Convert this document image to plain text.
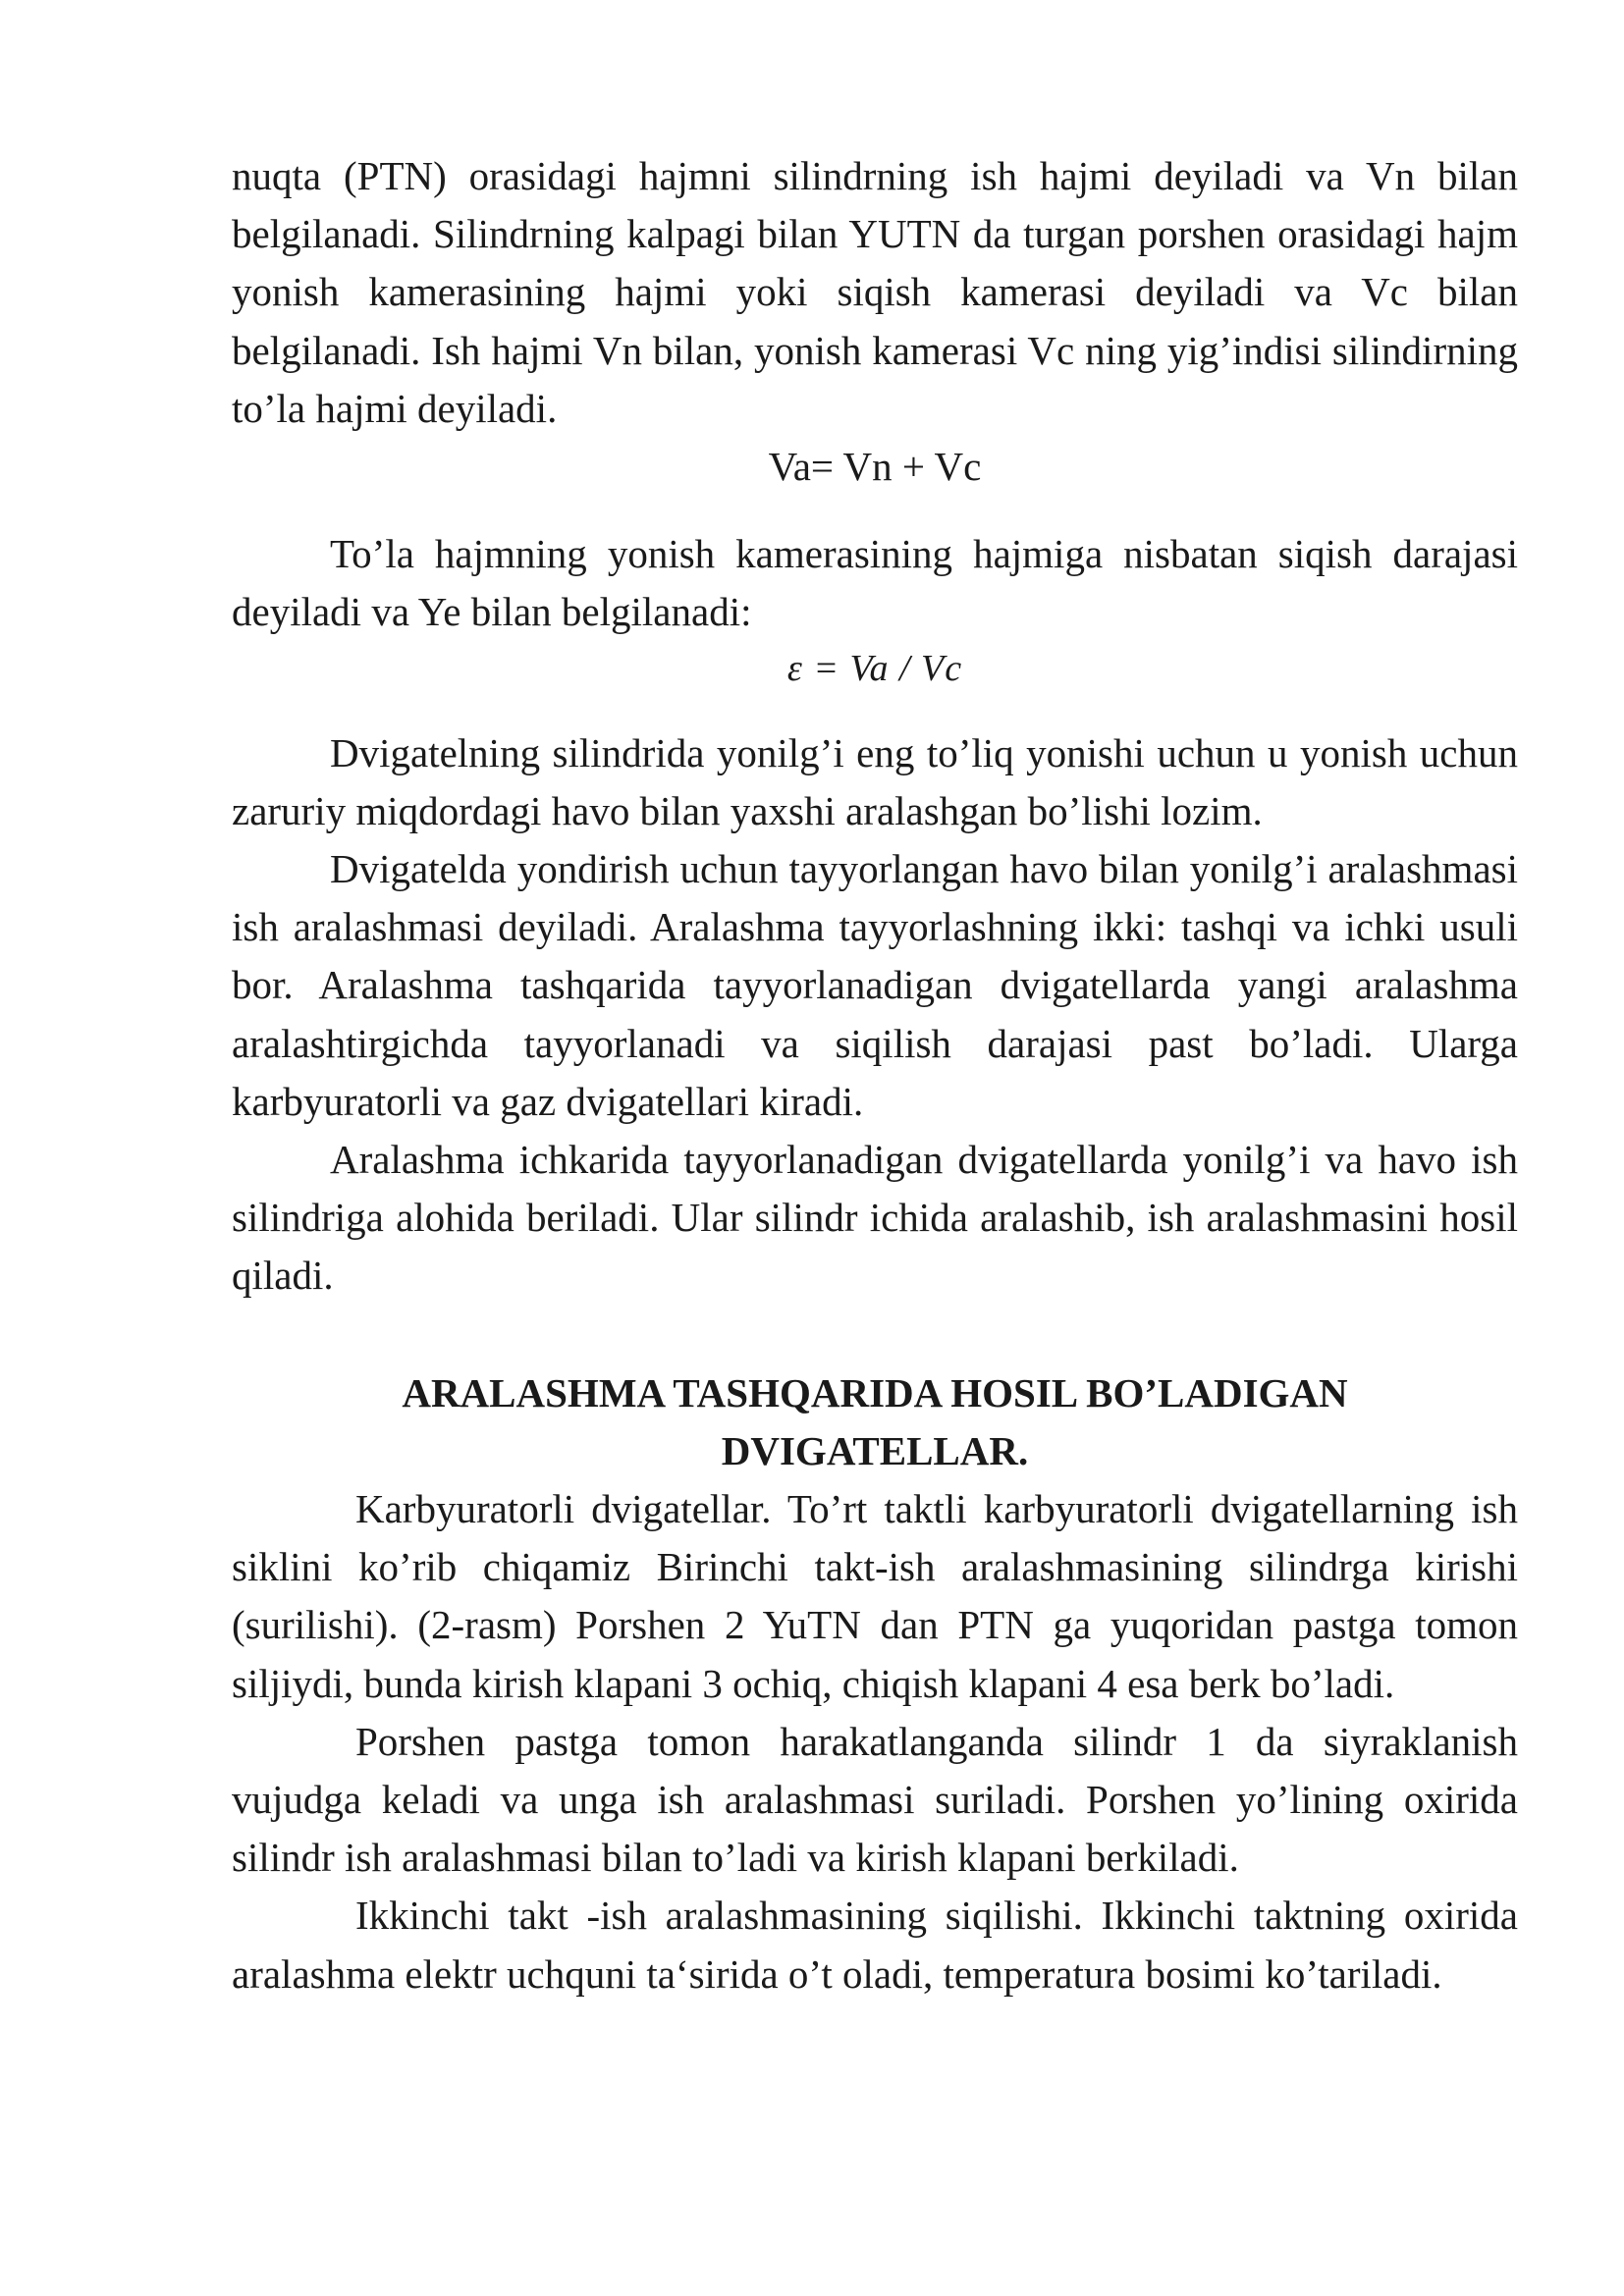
nuqta (PTN) orasidagi hajmni silindrning ish hajmi deyiladi va Vn bilan belgilanadi. Silindrning kalpagi bilan YUTN da turgan porshen orasidagi hajm yonish kamerasining hajmi yoki siqish kamerasi deyiladi va Vc bilan belgilanadi. Ish hajmi Vn bilan, yonish kamerasi Vc ning yig’indisi silindirning to’la hajmi deyiladi.

Va= Vn + Vc

To’la hajmning yonish kamerasining hajmiga nisbatan siqish darajasi deyiladi va Ye bilan belgilanadi:

ε = Va / Vc

Dvigatelning silindrida yonilg’i eng to’liq yonishi uchun u yonish uchun zaruriy miqdordagi havo bilan yaxshi aralashgan bo’lishi lozim.

Dvigatelda yondirish uchun tayyorlangan havo bilan yonilg’i aralashmasi ish aralashmasi deyiladi. Aralashma tayyorlashning ikki: tashqi va ichki usuli bor. Aralashma tashqarida tayyorlanadigan dvigatellarda yangi aralashma aralashtirgichda tayyorlanadi va siqilish darajasi past bo’ladi. Ularga karbyuratorli va gaz dvigatellari kiradi.

Aralashma ichkarida tayyorlanadigan dvigatellarda yonilg’i va havo ish silindriga alohida beriladi. Ular silindr ichida aralashib, ish aralashmasini hosil qiladi.

ARALASHMA TASHQARIDA HOSIL BO’LADIGAN

DVIGATELLAR.

Karbyuratorli dvigatellar. To’rt taktli karbyuratorli dvigatellarning ish siklini ko’rib chiqamiz Birinchi takt-ish aralashmasining silindrga kirishi (surilishi). (2-rasm) Porshen 2 YuTN dan PTN ga yuqoridan pastga tomon siljiydi, bunda kirish klapani 3 ochiq, chiqish klapani 4 esa berk bo’ladi.

Porshen pastga tomon harakatlanganda silindr 1 da siyraklanish vujudga keladi va unga ish aralashmasi suriladi. Porshen yo’lining oxirida silindr ish aralashmasi bilan to’ladi va kirish klapani berkiladi.

Ikkinchi takt -ish aralashmasining siqilishi. Ikkinchi taktning oxirida aralashma elektr uchquni ta‘sirida o’t oladi, temperatura bosimi ko’tariladi.
